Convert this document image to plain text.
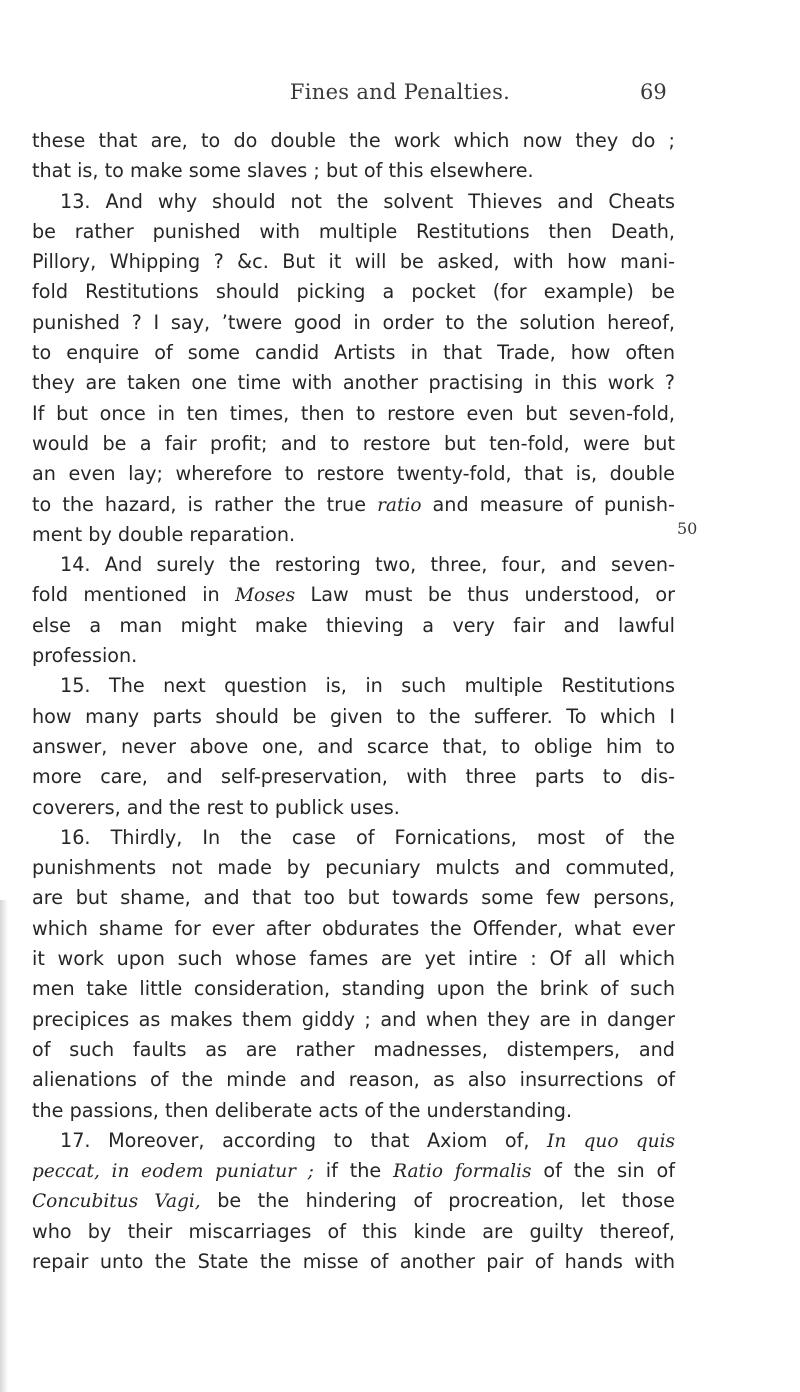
Fines and Penalties.	69
50
these that are, to do double the work which now they do ;
that is, to make some slaves ; but of this elsewhere.
13. And why should not the solvent Thieves and Cheats
be rather punished with multiple Restitutions then Death,
Pillory, Whipping ? &c. But it will be asked, with how mani-
fold Restitutions should picking a pocket (for example) be
punished ? I say, ’twere good in order to the solution hereof,
to enquire of some candid Artists in that Trade, how often
they are taken one time with another practising in this work ?
If but once in ten times, then to restore even but seven-fold,
would be a fair profit; and to restore but ten-fold, were but
an even lay; wherefore to restore twenty-fold, that is, double
to the hazard, is rather the true ratio and measure of punish-
ment by double reparation.
14. And surely the restoring two, three, four, and seven-
fold mentioned in Moses Law must be thus understood, or
else a man might make thieving a very fair and lawful
profession.
15. The next question is, in such multiple Restitutions
how many parts should be given to the sufferer. To which I
answer, never above one, and scarce that, to oblige him to
more care, and self-preservation, with three parts to dis-
coverers, and the rest to publick uses.
16. Thirdly, In the case of Fornications, most of the
punishments not made by pecuniary mulcts and commuted,
are but shame, and that too but towards some few persons,
which shame for ever after obdurates the Offender, what ever
it work upon such whose fames are yet intire : Of all which
men take little consideration, standing upon the brink of such
precipices as makes them giddy ; and when they are in danger
of such faults as are rather madnesses, distempers, and
alienations of the minde and reason, as also insurrections of
the passions, then deliberate acts of the understanding.
17. Moreover, according to that Axiom of, In quo quis
peccat, in eodem puniatur ; if the Ratio formalis of the sin of
Concubitus Vagi, be the hindering of procreation, let those
who by their miscarriages of this kinde are guilty thereof,
repair unto the State the misse of another pair of hands with
